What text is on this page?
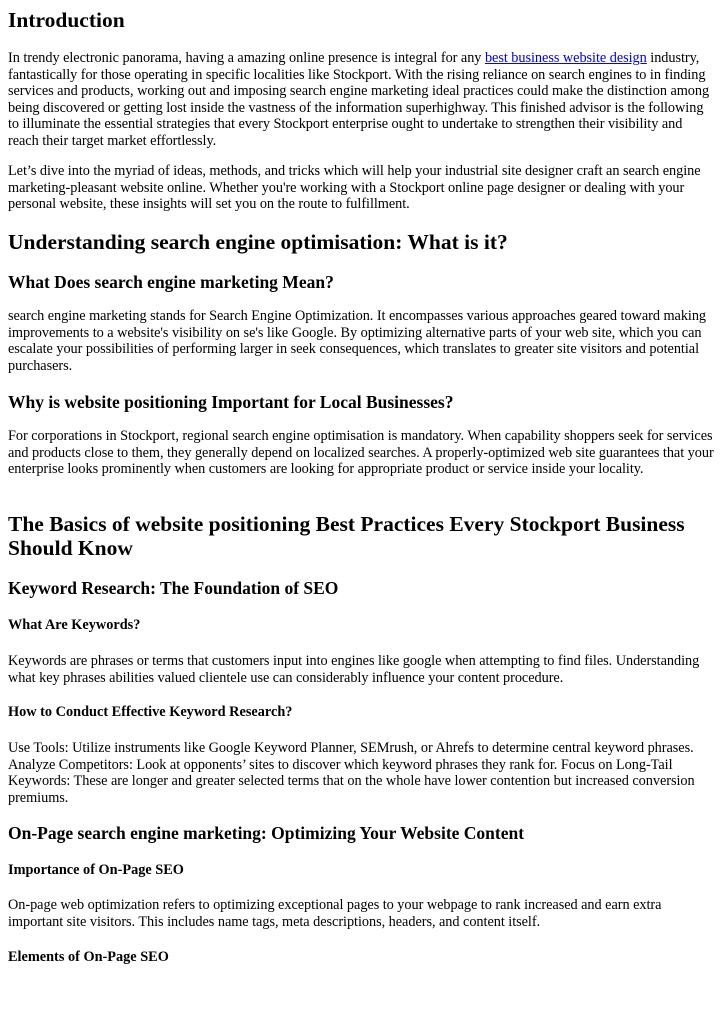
Introduction

In trendy electronic panorama, having a amazing online presence is integral for any best business website design industry, fantastically for those operating in specific localities like Stockport. With the rising reliance on search engines to in finding services and products, working out and imposing search engine marketing ideal practices could make the distinction among being discovered or getting lost inside the vastness of the information superhighway. This finished advisor is the following to illuminate the essential strategies that every Stockport enterprise ought to undertake to strengthen their visibility and reach their target market effortlessly.

Let’s dive into the myriad of ideas, methods, and tricks which will help your industrial site designer craft an search engine marketing-pleasant website online. Whether you're working with a Stockport online page designer or dealing with your personal website, these insights will set you on the route to fulfillment.

Understanding search engine optimisation: What is it?
What Does search engine marketing Mean?

search engine marketing stands for Search Engine Optimization. It encompasses various approaches geared toward making improvements to a website's visibility on se's like Google. By optimizing alternative parts of your web site, which you can escalate your possibilities of performing larger in seek consequences, which translates to greater site visitors and potential purchasers.

Why is website positioning Important for Local Businesses?

For corporations in Stockport, regional search engine optimisation is mandatory. When capability shoppers seek for services and products close to them, they generally depend on localized searches. A properly-optimized web site guarantees that your enterprise looks prominently when customers are looking for appropriate product or service inside your locality.

The Basics of website positioning Best Practices Every Stockport Business Should Know
Keyword Research: The Foundation of SEO
What Are Keywords?

Keywords are phrases or terms that customers input into engines like google when attempting to find files. Understanding what key phrases abilities valued clientele use can considerably influence your content procedure.

How to Conduct Effective Keyword Research?

Use Tools: Utilize instruments like Google Keyword Planner, SEMrush, or Ahrefs to determine central keyword phrases. Analyze Competitors: Look at opponents’ sites to discover which keyword phrases they rank for. Focus on Long-Tail Keywords: These are longer and greater selected terms that on the whole have lower contention but increased conversion premiums.

On-Page search engine marketing: Optimizing Your Website Content
Importance of On-Page SEO

On-page web optimization refers to optimizing exceptional pages to your webpage to rank increased and earn extra important site visitors. This includes name tags, meta descriptions, headers, and content itself.

Elements of On-Page SEO
